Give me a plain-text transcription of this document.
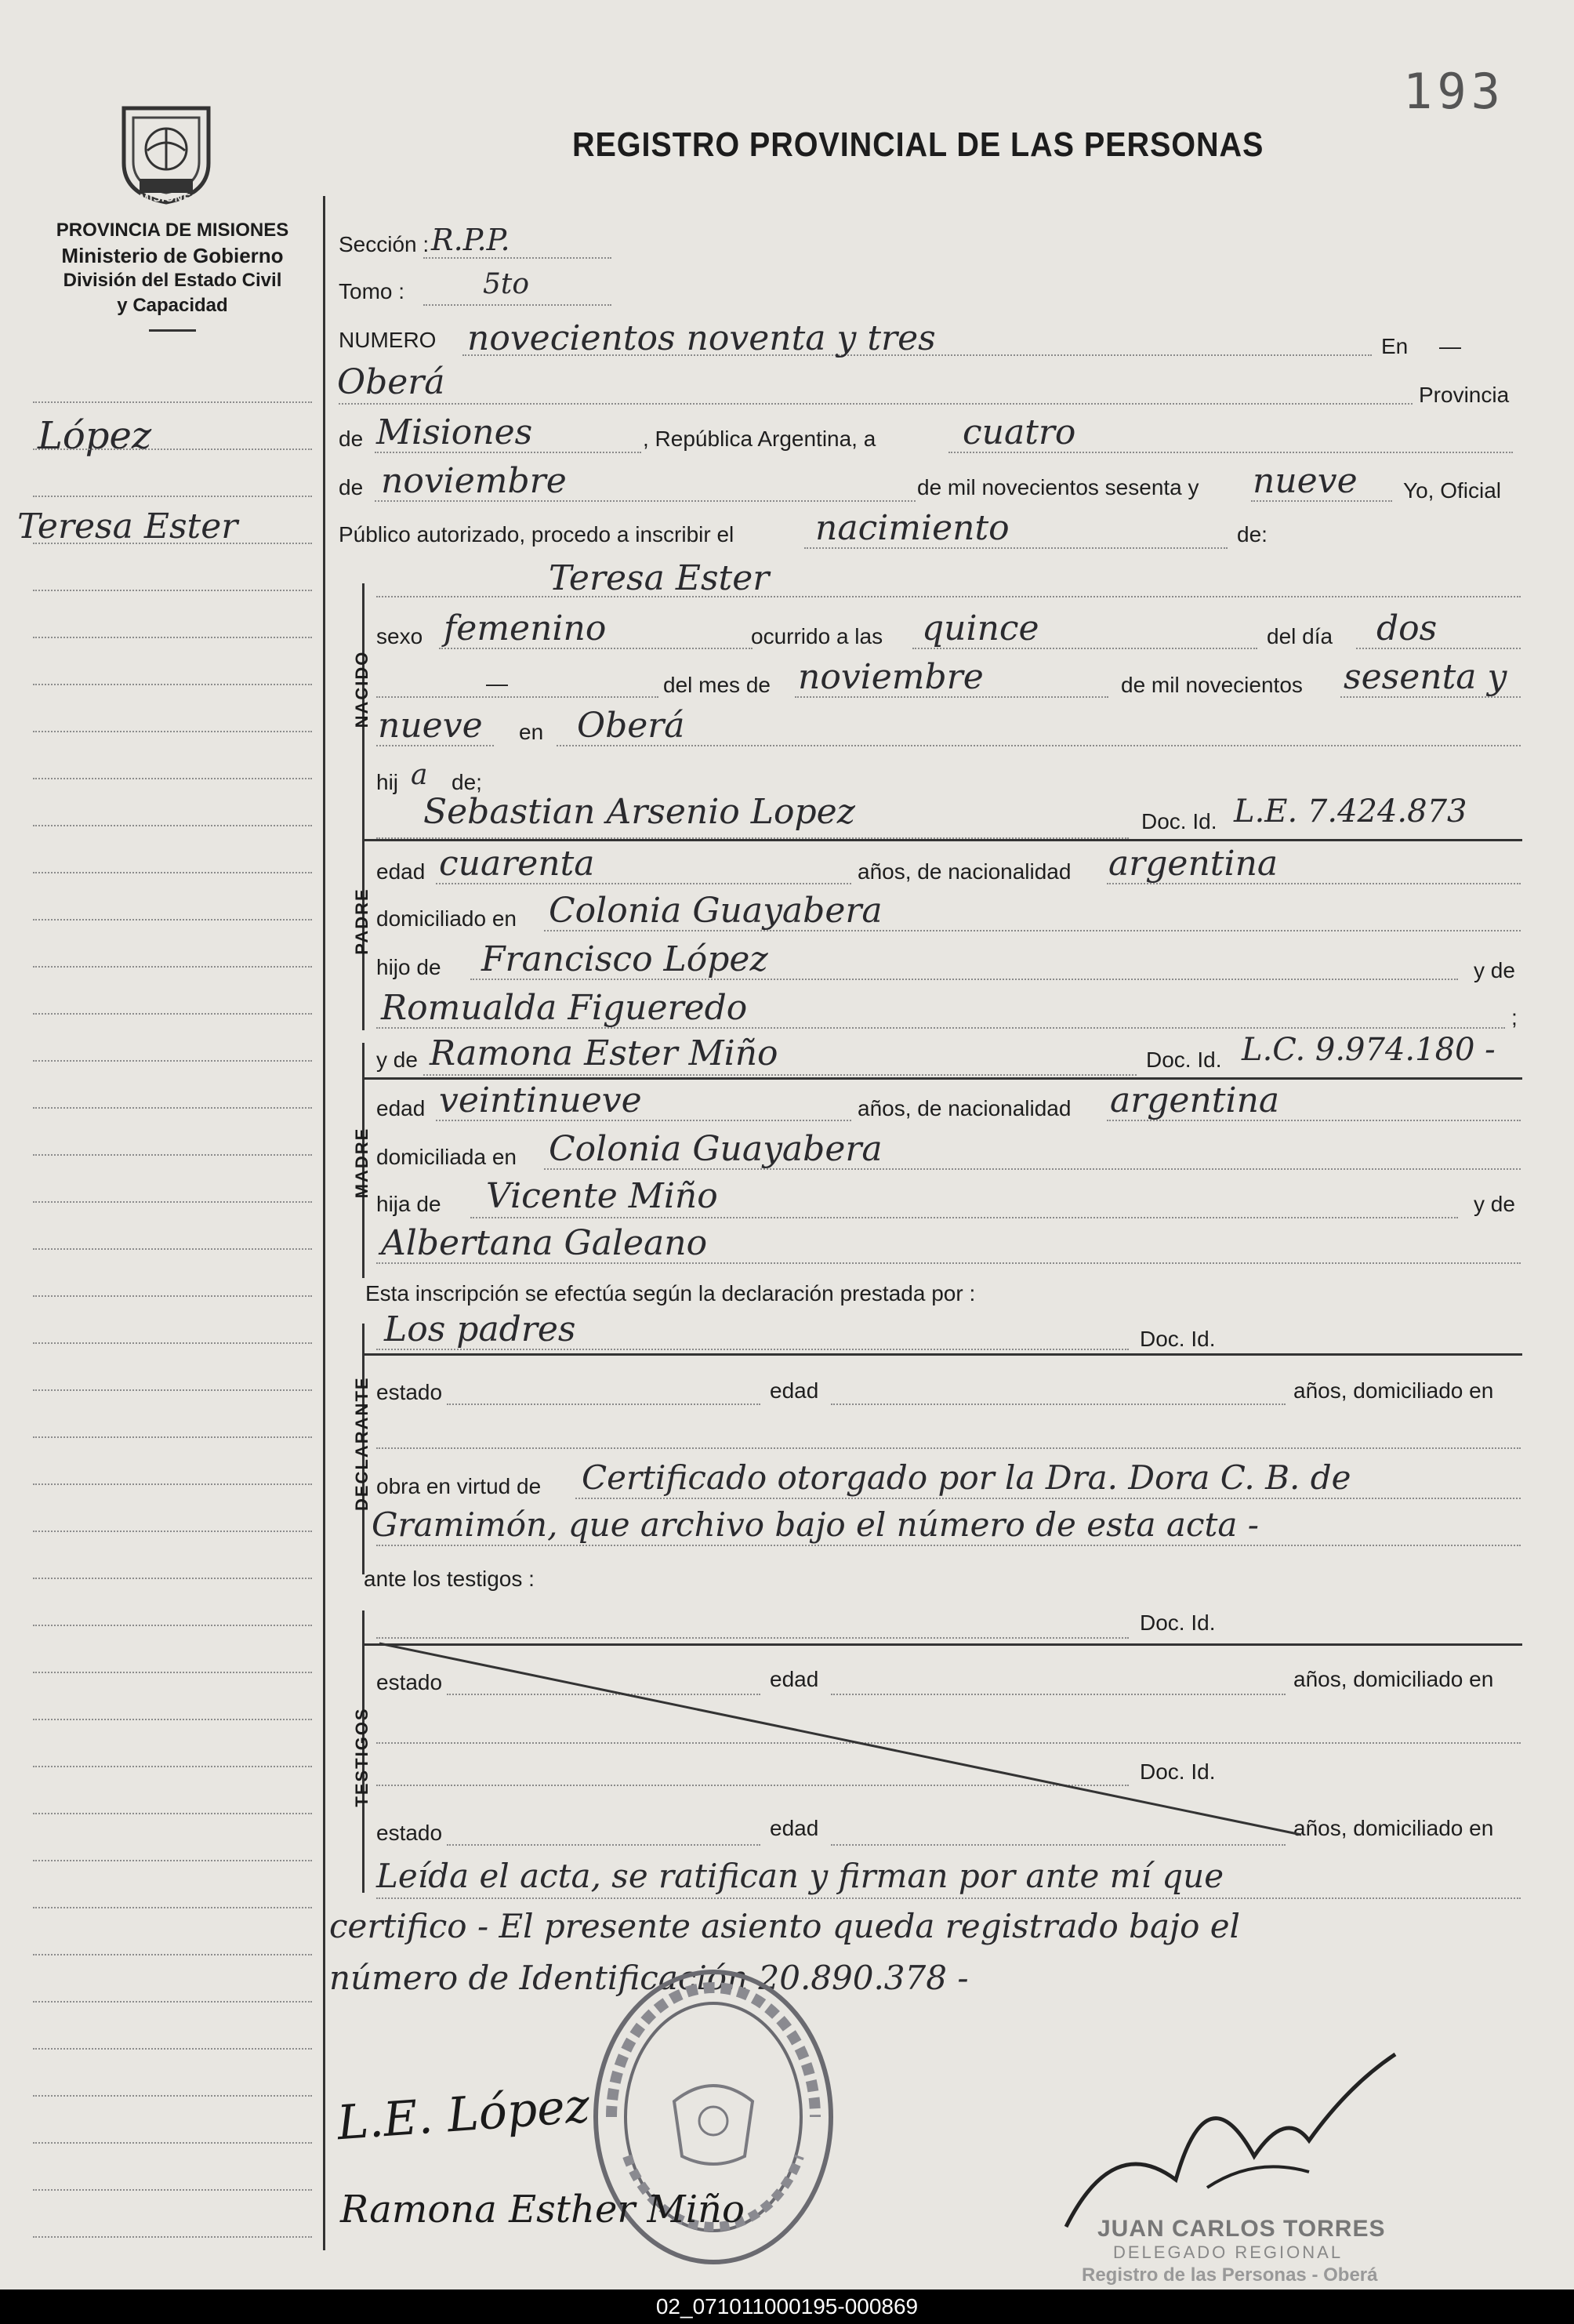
193
REGISTRO PROVINCIAL DE LAS PERSONAS
MISIONES
PROVINCIA DE MISIONES
Ministerio de Gobierno
División del Estado Civil
y Capacidad
López
Teresa Ester
Sección : R.P.P.
Tomo :	5to
NUMERO novecientos noventa y tres	En —
Oberá	Provincia
de Misiones	, República Argentina, a	cuatro
de noviembre	de mil novecientos sesenta y nueve Yo, Oficial
Público autorizado, procedo a inscribir el nacimiento	de:
NACIDO
Teresa Ester
sexo femenino	ocurrido a las quince	del día dos
—	del mes de noviembre	de mil novecientos sesenta y
nueve en Oberá
hij a de;
PADRE
Sebastian Arsenio Lopez	Doc. Id. L.E. 7.424.873
edad cuarenta	años, de nacionalidad argentina
domiciliado en Colonia Guayabera
hijo de Francisco López	y de
Romualda Figueredo	;
MADRE
y de Ramona Ester Miño	Doc. Id. L.C. 9.974.180 -
edad veintinueve	años, de nacionalidad argentina
domiciliada en Colonia Guayabera
hija de Vicente Miño	y de
Albertana Galeano
Esta inscripción se efectúa según la declaración prestada por :
DECLARANTE
Los padres	Doc. Id.
estado	edad	años, domiciliado en
obra en virtud de Certificado otorgado por la Dra. Dora C. B. de
Gramimón, que archivo bajo el número de esta acta -
ante los testigos :
TESTIGOS
Doc. Id.
estado	edad	años, domiciliado en
Doc. Id.
estado	edad	años, domiciliado en
Leída el acta, se ratifican y firman por ante mí que
certifico - El presente asiento queda registrado bajo el
número de Identificación 20.890.378 -
L.E. López
Ramona Esther Miño	JUAN CARLOS TORRES
DELEGADO REGIONAL
Registro de las Personas - Oberá
02_071011000195-000869
